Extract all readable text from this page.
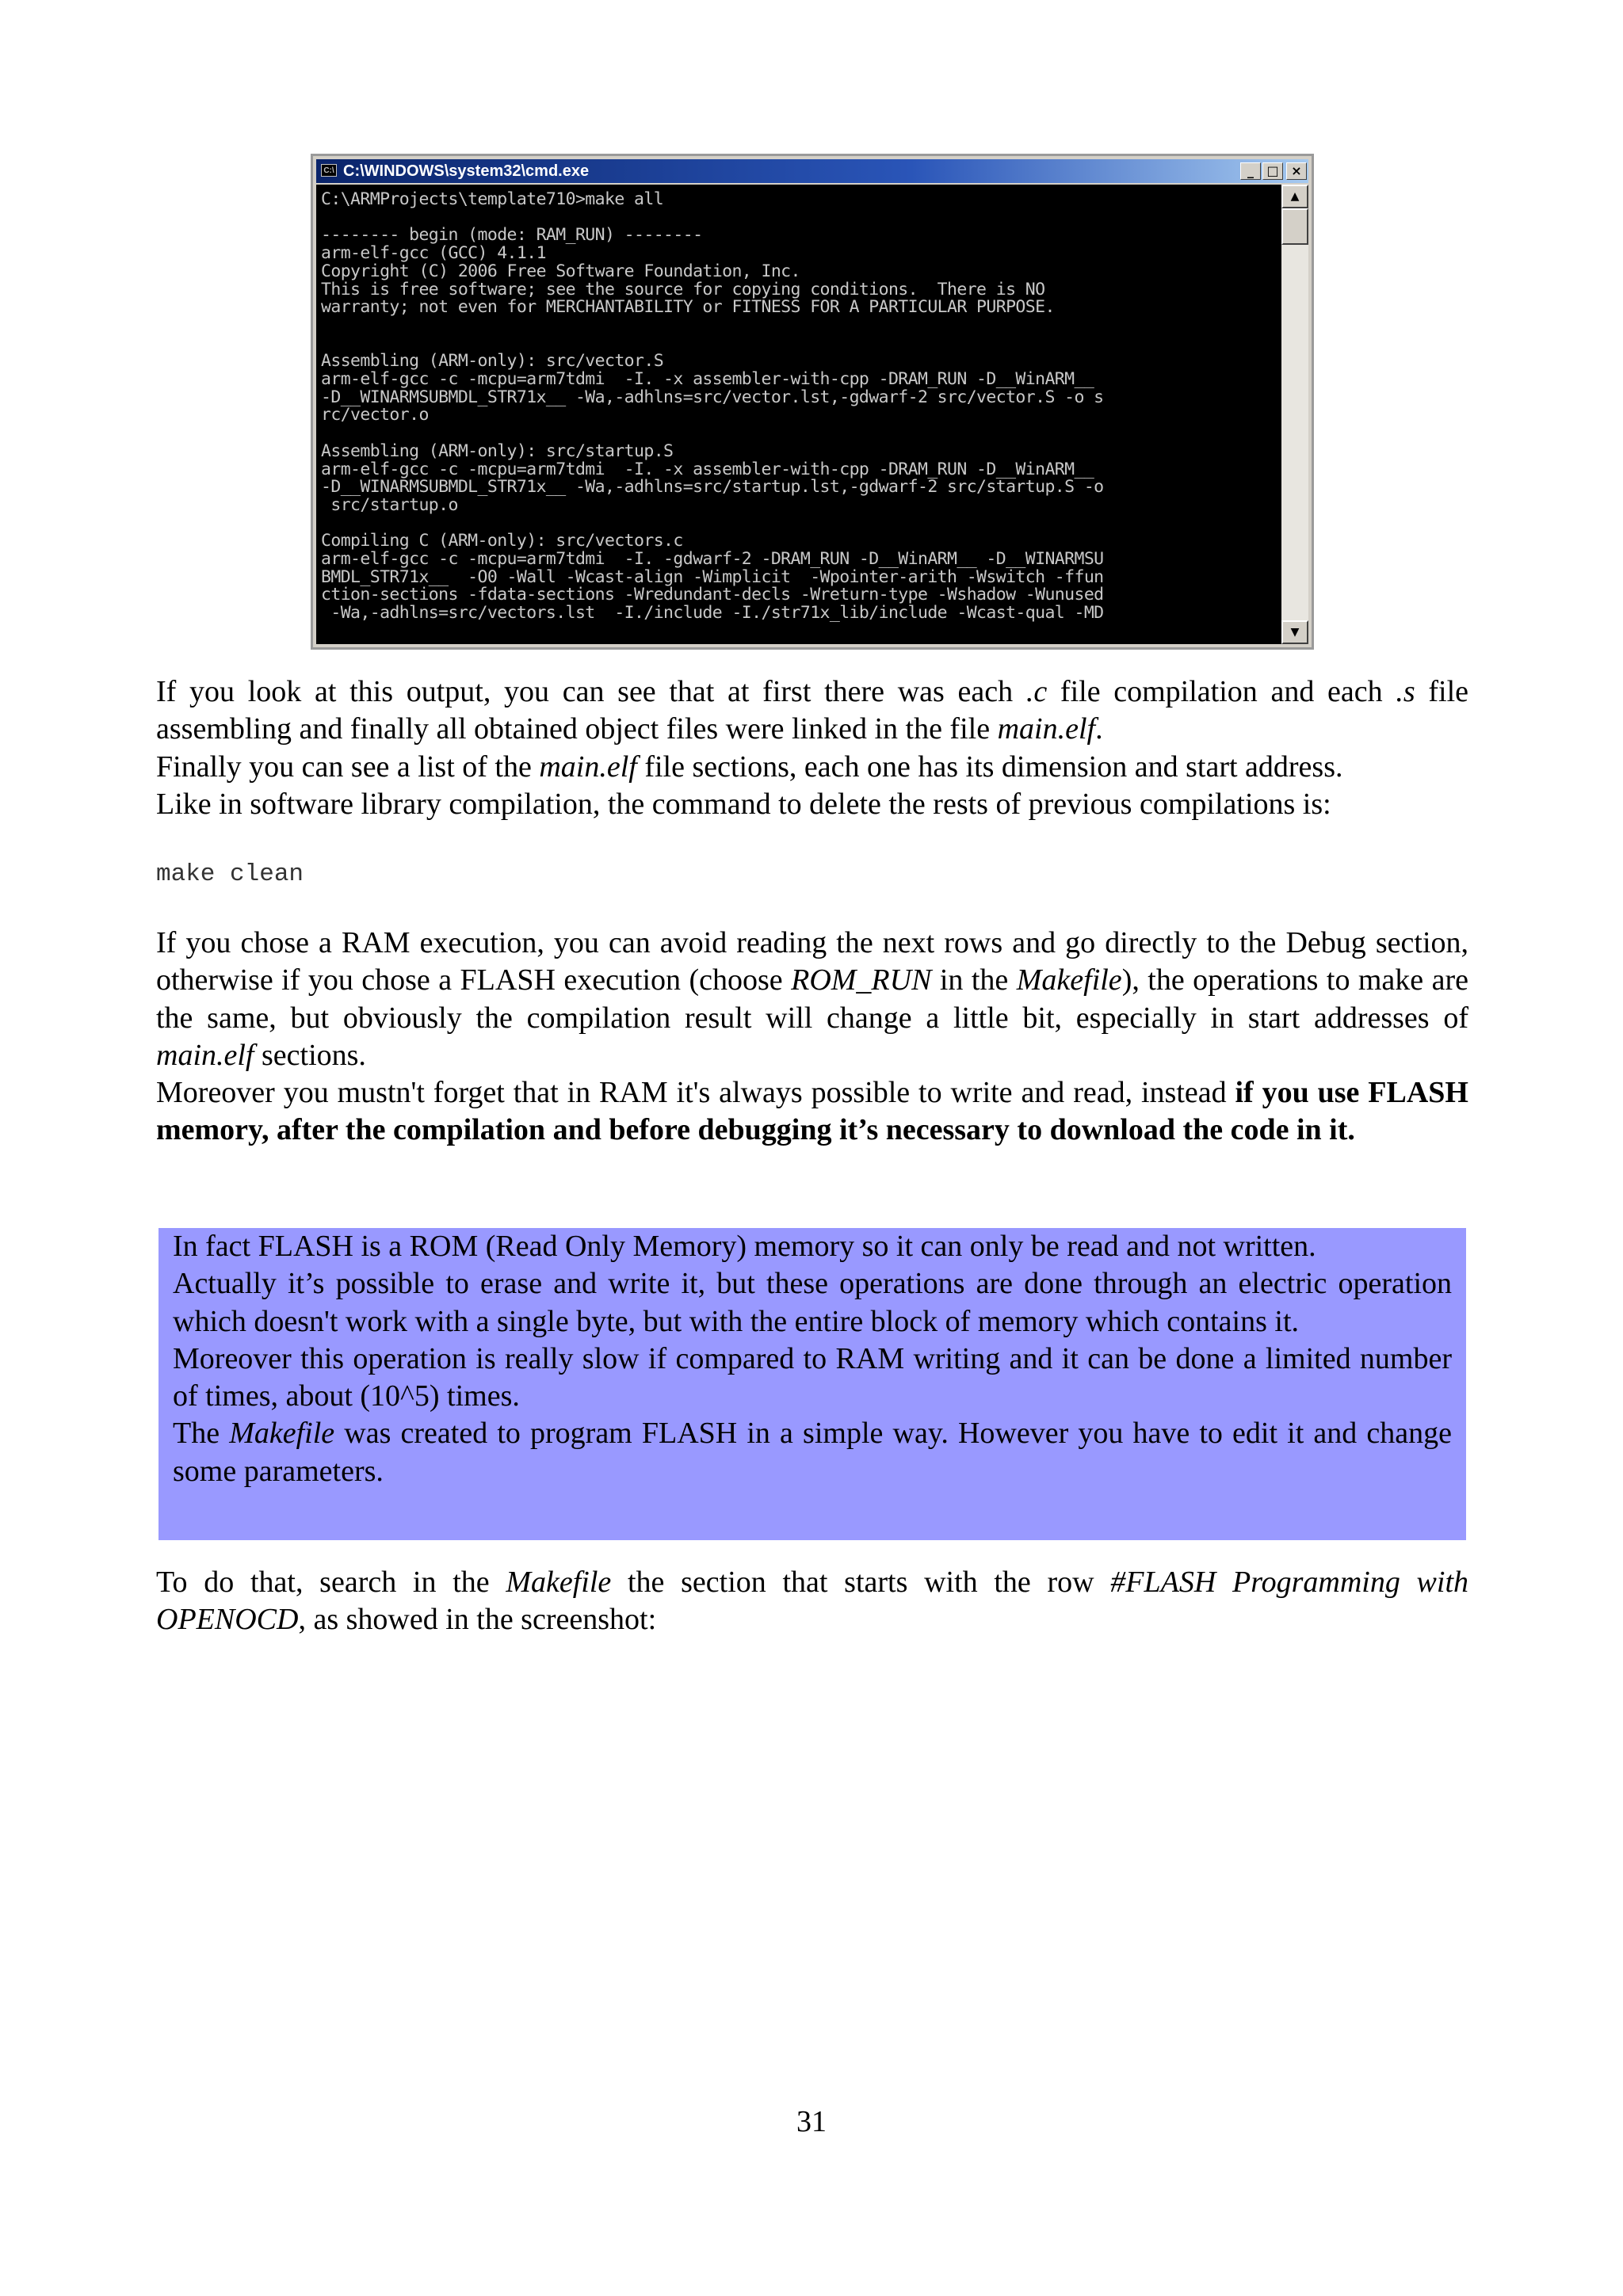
C:\ C:\WINDOWS\system32\cmd.exe	_	□ ×
C:\ARMProjects\template710>make all

-------- begin (mode: RAM_RUN) --------
arm-elf-gcc (GCC) 4.1.1
Copyright (C) 2006 Free Software Foundation, Inc.
This is free software; see the source for copying conditions.  There is NO
warranty; not even for MERCHANTABILITY or FITNESS FOR A PARTICULAR PURPOSE.

Assembling (ARM-only): src/vector.S
arm-elf-gcc -c -mcpu=arm7tdmi  -I. -x assembler-with-cpp -DRAM_RUN -D__WinARM__
-D__WINARMSUBMDL_STR71x__ -Wa,-adhlns=src/vector.lst,-gdwarf-2 src/vector.S -o s
rc/vector.o

Assembling (ARM-only): src/startup.S
arm-elf-gcc -c -mcpu=arm7tdmi  -I. -x assembler-with-cpp -DRAM_RUN -D__WinARM__
-D__WINARMSUBMDL_STR71x__ -Wa,-adhlns=src/startup.lst,-gdwarf-2 src/startup.S -o
src/startup.o

Compiling C (ARM-only): src/vectors.c
arm-elf-gcc -c -mcpu=arm7tdmi  -I. -gdwarf-2 -DRAM_RUN -D__WinARM__ -D__WINARMSU
BMDL_STR71x__  -O0 -Wall -Wcast-align -Wimplicit  -Wpointer-arith -Wswitch -ffun
ction-sections -fdata-sections -Wredundant-decls -Wreturn-type -Wshadow -Wunused
-Wa,-adhlns=src/vectors.lst  -I./include -I./str71x_lib/include -Wcast-qual -MD
▲
▼

If you look at this output, you can see that at first there was each .c file compilation and each .s file assembling and finally all obtained object files were linked in the file main.elf.

Finally you can see a list of the main.elf file sections, each one has its dimension and start address.

Like in software library compilation, the command to delete the rests of previous compilations is:

make clean

If you chose a RAM execution, you can avoid reading the next rows and go directly to the Debug section, otherwise if you chose a FLASH execution (choose ROM_RUN in the Makefile), the operations to make are the same, but obviously the compilation result will change a little bit, especially in start addresses of main.elf sections.

Moreover you mustn't forget that in RAM it's always possible to write and read, instead if you use FLASH memory, after the compilation and before debugging it’s necessary to download the code in it.

In fact FLASH is a ROM (Read Only Memory) memory so it can only be read and not written.

Actually it’s possible to erase and write it, but these operations are done through an electric operation which doesn't work with a single byte, but with the entire block of memory which contains it.

Moreover this operation is really slow if compared to RAM writing and it can be done a limited number of times, about (10^5) times.

The Makefile was created to program FLASH in a simple way. However you have to edit it and change some parameters.

To do that, search in the Makefile the section that starts with the row #FLASH Programming with OPENOCD, as showed in the screenshot:

31
